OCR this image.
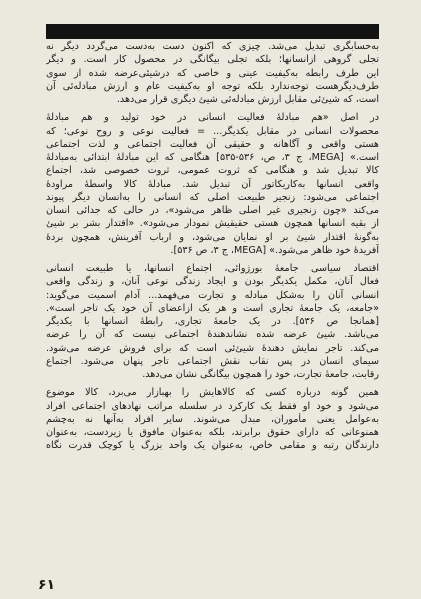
به‌حسابگری تبدیل می‌شد. چیزی که اکنون دست به‌دست می‌گردد دیگر نه
تجلی گروهی ازانسانها؛ بلکه تجلی بیگانگی در محصول کار است. و دیگر
این طرف رابطه به‌کیفیت عینی و خاصی که درشیئی‌عرضه شده از سوی
طرف‌دیگرهست توجه‌ندارد بلکه توجه او به‌کیفیت عام و ارزش مبادله‌ئی آن
است، که شیئ‌ئی مقابل ارزش مبادله‌ئی شیئ دیگری قرار می‌دهد.
در اصل «هم مبادلهٔ فعالیت انسانی در خود تولید و هم مبادلهٔ
محصولات انسانی در مقابل یکدیگر... = فعالیت نوعی و روح نوعی؛ که
هستی واقعی و آگاهانه و حقیقی آن فعالیت اجتماعی و لذت اجتماعی
است.» [MEGA، ج ۳، ص، ۵۳۶-۵۳۵] هنگامی که این مبادلهٔ ابتدائی به‌مبادلهٔ
کالا تبدیل شد و هنگامی که ثروت عمومی، ثروت خصوصی شد، اجتماع
واقعی انسانها به‌کاریکاتور آن تبدیل شد. مبادلهٔ کالا واسطهٔ مراودهٔ
اجتماعی می‌شود: زنجیر طبیعت اصلی که انسانی را به‌انسان دیگر پیوند
می‌کند «چون زنجیری غیر اصلی ظاهر می‌شود»، در حالی که جدائی انسان
از بقیه انسانها همچون هستی حقیقیش نمودار می‌شود». «اقتدار بشر بر شیئ
به‌گونهٔ اقتدار شیئ بر او نمایان می‌شود، و ارباب آفرینش، همچون بردهٔ
آفریدهٔ خود ظاهر می‌شود.» [MEGA، ج ۳، ص ۵۳۶].
اقتصاد سیاسی جامعهٔ بورژوائی، اجتماع انسانها، یا طبیعت انسانی
فعال آنان، مکمل یکدیگر بودن و ایجاد زندگی نوعی آنان، و زندگی واقعی
انسانی آنان را به‌شکل مبادله و تجارت می‌فهمد... آدام اسمیت می‌گوید:
«جامعه، یک جامعهٔ تجاری است و هر یک ازاعضای آن خود یک تاجر است».
[همانجا ص ۵۳۶]. در یک جامعهٔ تجاری، رابطهٔ انسانها با یکدیگر
می‌باشد. شیئ عرضه شده نشاندهندهٔ اجتماعی نیست که آن را عرضه
می‌کند. تاجر نمایش دهندهٔ شیئ‌ئی است که برای فروش عرضه می‌شود.
سیمای انسان در پس نقاب نقش اجتماعی تاجر پنهان می‌شود. اجتماع
رقابت، جامعهٔ تجارت، خود را همچون بیگانگی نشان می‌دهد.
همین گونه درباره کسی که کالاهایش را بهبازار می‌برد، کالا موضوع
می‌شود و خود او فقط یک کارکرد در سلسله مراتب نهادهای اجتماعی افراد
به‌عوامل یعنی مأموران، مبدل می‌شوند. سایر افراد به‌آنها نه به‌چشم
همنوعانی که دارای حقوق برابرند، بلکه به‌عنوان مافوق یا زیردست، به‌عنوان
دارندگان رتبه و مقامی خاص، به‌عنوان یک واحد بزرگ یا کوچک قدرت نگاه
۶۱
